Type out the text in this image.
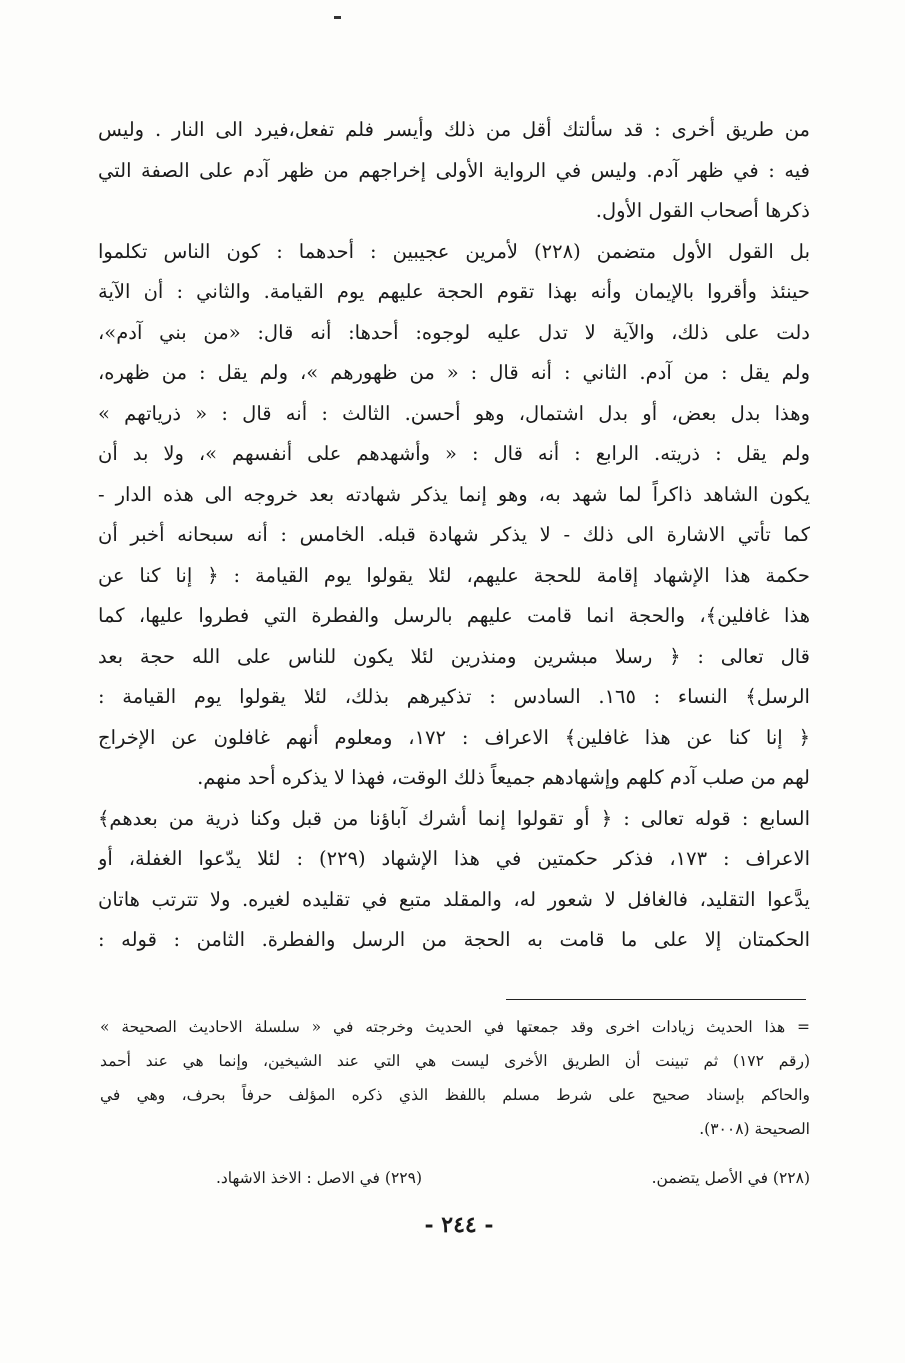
من طريق أخرى : قد سألتك أقل من ذلك وأيسر فلم تفعل،فيرد الى النار . وليس
فيه : في ظهر آدم. وليس في الرواية الأولى إخراجهم من ظهر آدم على الصفة التي
ذكرها أصحاب القول الأول.
بل القول الأول متضمن (٢٢٨) لأمرين عجيبين : أحدهما : كون الناس تكلموا
حينئذ وأقروا بالإيمان وأنه بهذا تقوم الحجة عليهم يوم القيامة. والثاني : أن الآية
دلت على ذلك، والآية لا تدل عليه لوجوه: أحدها: أنه قال: «من بني آدم»،
ولم يقل : من آدم. الثاني : أنه قال : « من ظهورهم »، ولم يقل : من ظهره،
وهذا بدل بعض، أو بدل اشتمال، وهو أحسن. الثالث : أنه قال : « ذرياتهم »
ولم يقل : ذريته. الرابع : أنه قال : « وأشهدهم على أنفسهم »، ولا بد أن
يكون الشاهد ذاكراً لما شهد به، وهو إنما يذكر شهادته بعد خروجه الى هذه الدار -
كما تأتي الاشارة الى ذلك - لا يذكر شهادة قبله. الخامس : أنه سبحانه أخبر أن
حكمة هذا الإشهاد إقامة للحجة عليهم، لئلا يقولوا يوم القيامة : ﴿ إنا كنا عن
هذا غافلين﴾، والحجة انما قامت عليهم بالرسل والفطرة التي فطروا عليها، كما
قال تعالى : ﴿ رسلا مبشرين ومنذرين لئلا يكون للناس على الله حجة بعد
الرسل﴾ النساء : ١٦٥. السادس : تذكيرهم بذلك، لئلا يقولوا يوم القيامة :
﴿ إنا كنا عن هذا غافلين﴾ الاعراف : ١٧٢، ومعلوم أنهم غافلون عن الإخراج
لهم من صلب آدم كلهم وإشهادهم جميعاً ذلك الوقت، فهذا لا يذكره أحد منهم.
السابع : قوله تعالى : ﴿ أو تقولوا إنما أشرك آباؤنا من قبل وكنا ذرية من بعدهم﴾
الاعراف : ١٧٣، فذكر حكمتين في هذا الإشهاد (٢٢٩) : لئلا يدّعوا الغفلة، أو
يدَّعوا التقليد، فالغافل لا شعور له، والمقلد متبع في تقليده لغيره. ولا تترتب هاتان
الحكمتان إلا على ما قامت به الحجة من الرسل والفطرة. الثامن : قوله :
= هذا الحديث زيادات اخرى وقد جمعتها في الحديث وخرجته في « سلسلة الاحاديث الصحيحة »
(رقم ١٧٢) ثم تبينت أن الطريق الأخرى ليست هي التي عند الشيخين، وإنما هي عند أحمد
والحاكم بإسناد صحيح على شرط مسلم باللفظ الذي ذكره المؤلف حرفاً بحرف، وهي في
الصحيحة (٣٠٠٨).
(٢٢٨) في الأصل يتضمن.
(٢٢٩) في الاصل : الاخذ الاشهاد.
- ٢٤٤ -
